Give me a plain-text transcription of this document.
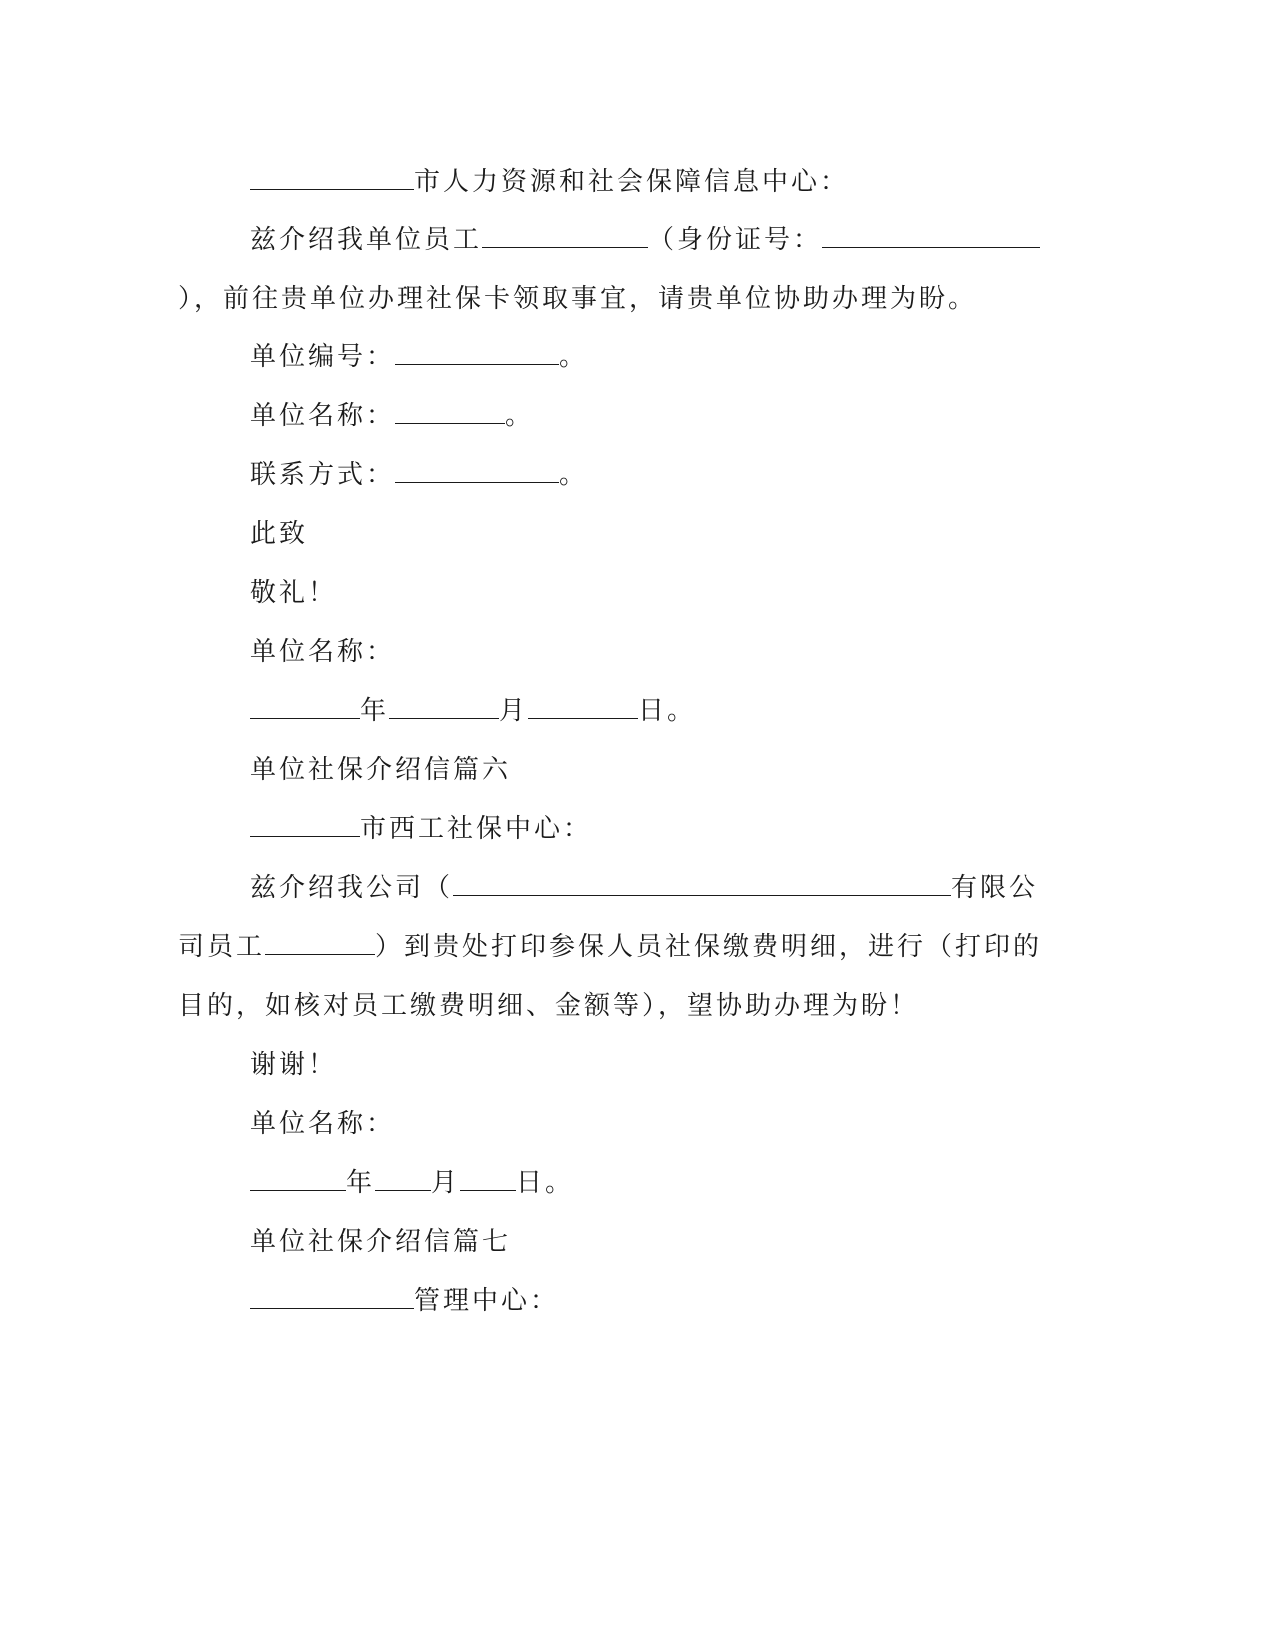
市人力资源和社会保障信息中心：
兹介绍我单位员工	（身份证号：
），前往贵单位办理社保卡领取事宜，请贵单位协助办理为盼。
单位编号：	。
单位名称：	。
联系方式：	。
此致
敬礼！
单位名称：
年	月	日。
单位社保介绍信篇六
市西工社保中心：
兹介绍我公司（	有限公
司员工	）到贵处打印参保人员社保缴费明细，进行（打印的
目的，如核对员工缴费明细、金额等），望协助办理为盼！
谢谢！
单位名称：
年 月 日。
单位社保介绍信篇七
管理中心：
